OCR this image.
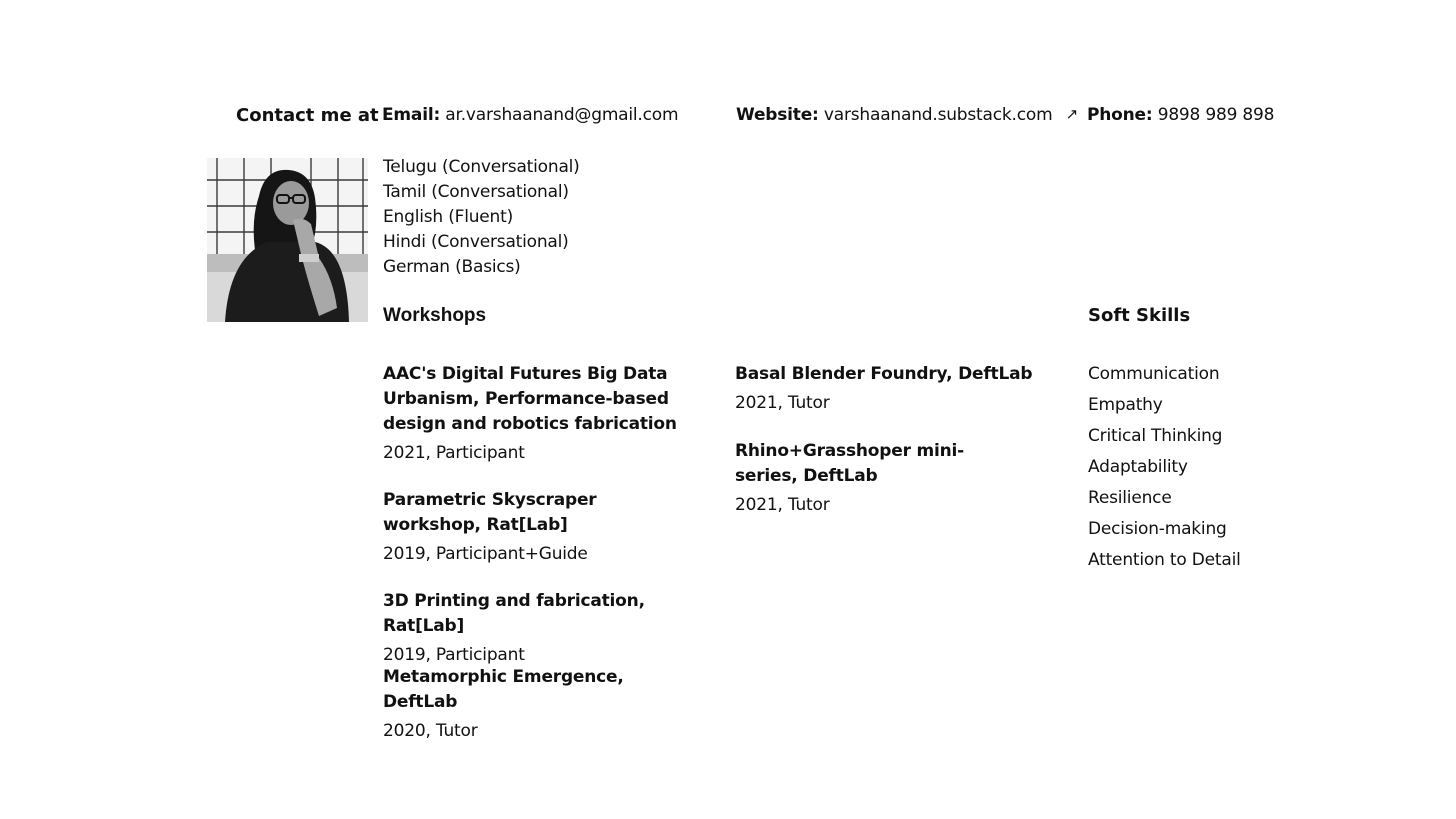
Contact me at Email: ar.varshaanand@gmail.com	Website: varshaanand.substack.com ↗ Phone: 9898 989 898
Telugu (Conversational)
Tamil (Conversational)
English (Fluent)
Hindi (Conversational)
German (Basics)
Workshops	Soft Skills
AAC's Digital Futures Big Data Urbanism, Performance-based design and robotics fabrication
2021, Participant
Parametric Skyscraper workshop, Rat[Lab]
2019, Participant+Guide
3D Printing and fabrication, Rat[Lab]
2019, Participant
Metamorphic Emergence, DeftLab
2020, Tutor
Basal Blender Foundry, DeftLab
2021, Tutor
Rhino+Grasshoper mini-series, DeftLab
2021, Tutor
Communication
Empathy
Critical Thinking
Adaptability
Resilience
Decision-making
Attention to Detail
